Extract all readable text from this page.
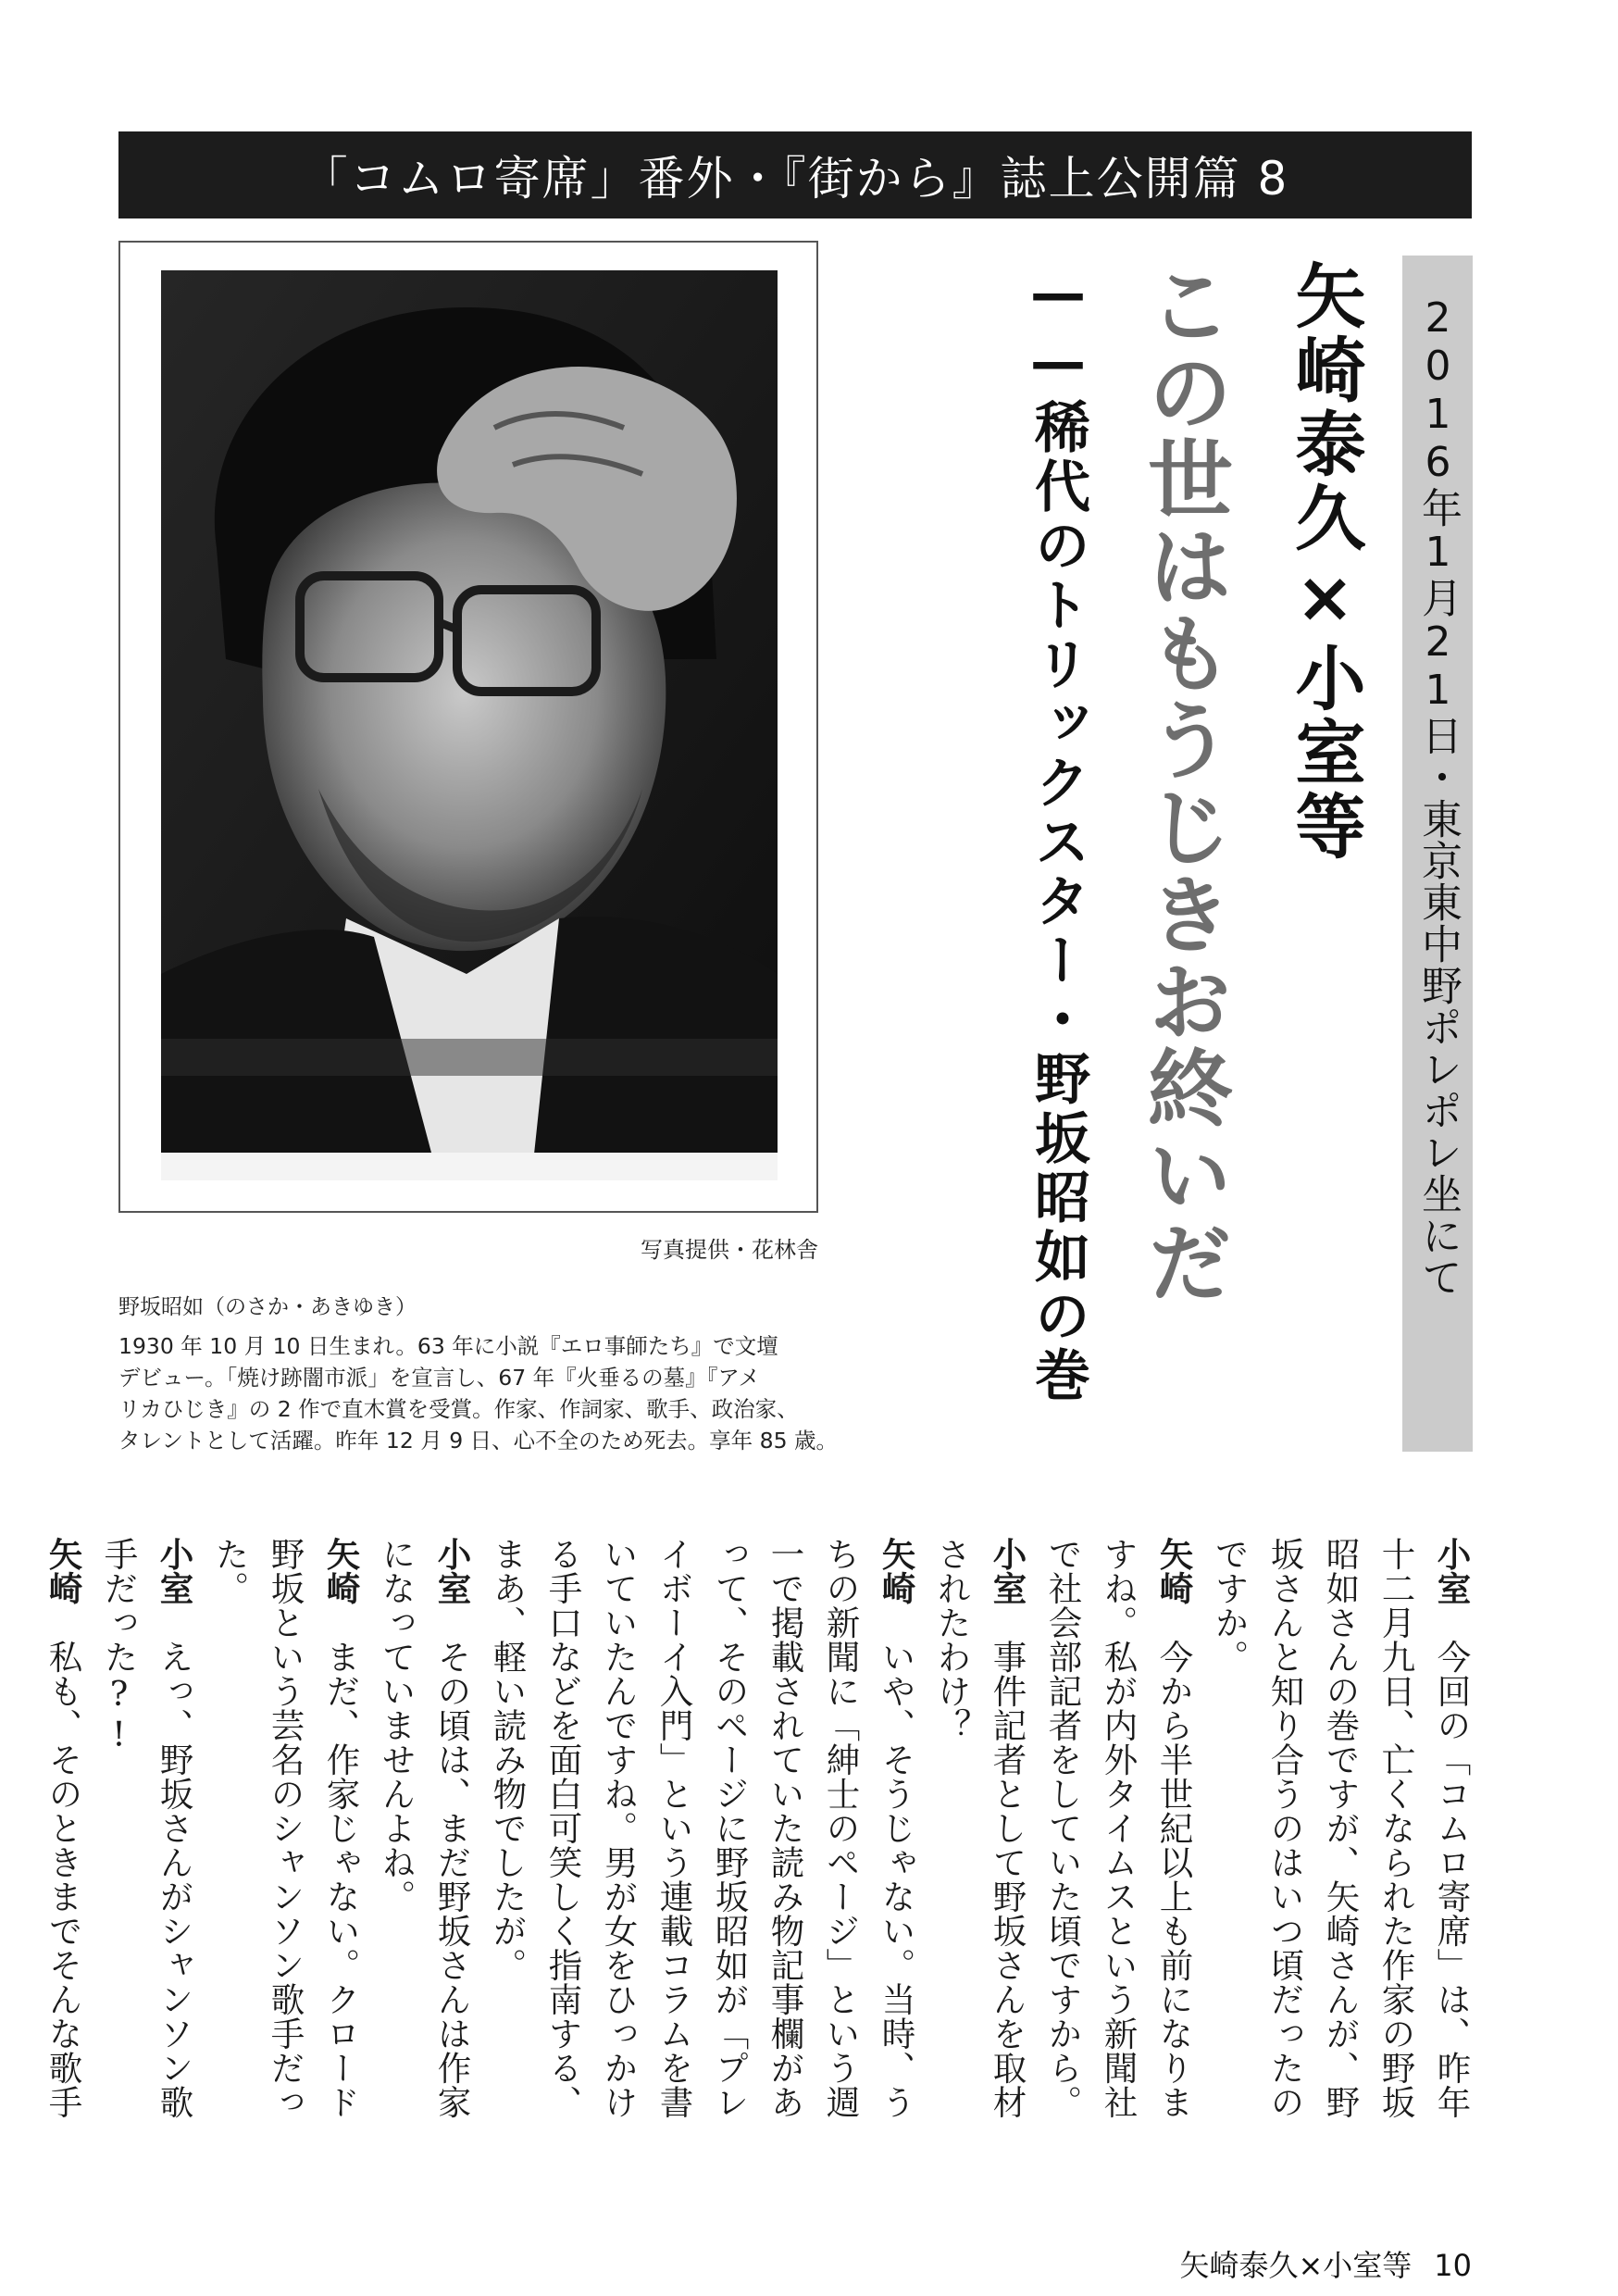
「コムロ寄席」番外・『街から』誌上公開篇 8
写真提供・花林舎
野坂昭如（のさか・あきゆき）
1930 年 10 月 10 日生まれ。63 年に小説『エロ事師たち』で文壇
デビュー。「焼け跡闇市派」を宣言し、67 年『火垂るの墓』『アメ
リカひじき』の 2 作で直木賞を受賞。作家、作詞家、歌手、政治家、
タレントとして活躍。昨年 12 月 9 日、心不全のため死去。享年 85 歳。
2016年1月21日・東京東中野ポレポレ坐にて
矢崎泰久×小室等
この世はもうじきお終いだ
——稀代のトリックスター・野坂昭如の巻

小室　今回の「コムロ寄席」は、昨年十二月九日、亡くなられた作家の野坂昭如さんの巻ですが、矢崎さんが、野坂さんと知り合うのはいつ頃だったのですか。

矢崎　今から半世紀以上も前になりますね。私が内外タイムスという新聞社で社会部記者をしていた頃ですから。

小室　事件記者として野坂さんを取材されたわけ？

矢崎　いや、そうじゃない。当時、うちの新聞に「紳士のページ」という週一で掲載されていた読み物記事欄があって、そのページに野坂昭如が「プレイボーイ入門」という連載コラムを書いていたんですね。男が女をひっかける手口などを面白可笑しく指南する、まあ、軽い読み物でしたが。

小室　その頃は、まだ野坂さんは作家になっていませんよね。

矢崎　まだ、作家じゃない。クロード野坂という芸名のシャンソン歌手だった。

小室　えっ、野坂さんがシャンソン歌手だった?!

矢崎　私も、そのときまでそんな歌手

矢崎泰久×小室等 10
